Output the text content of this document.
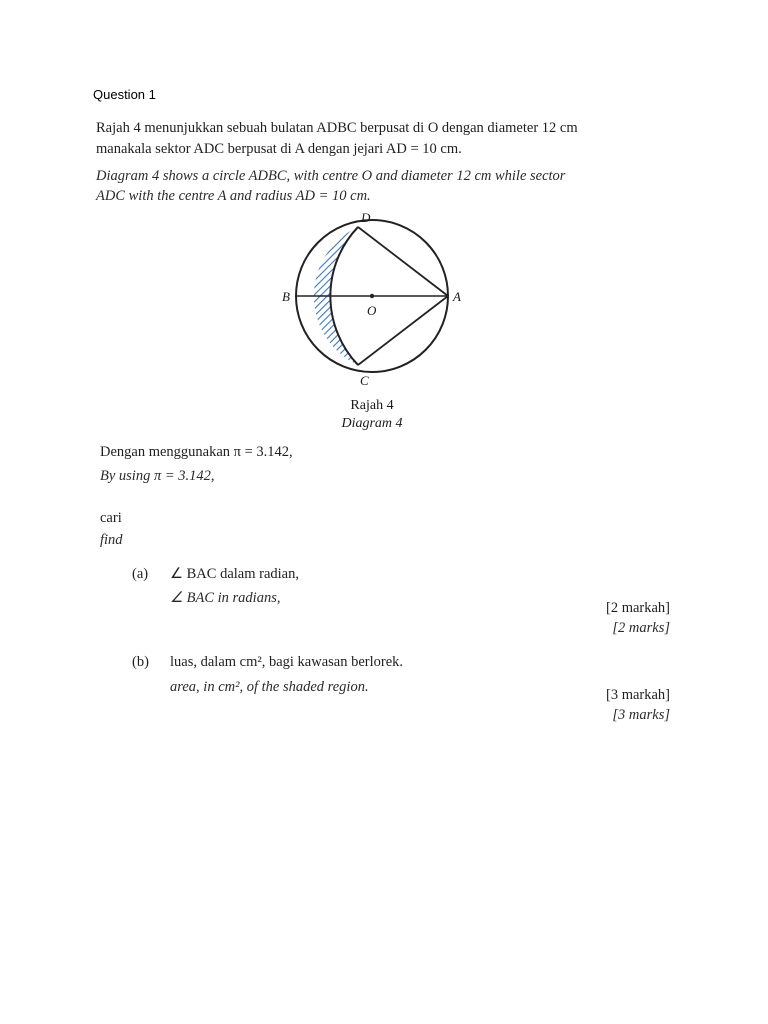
Question 1
Rajah 4 menunjukkan sebuah bulatan ADBC berpusat di O dengan diameter 12 cm
manakala sektor ADC berpusat di A dengan jejari AD = 10 cm.
Diagram 4 shows a circle ADBC, with centre O and diameter 12 cm while sector
ADC with the centre A and radius AD = 10 cm.
Dengan menggunakan π = 3.142,
By using π = 3.142,
cari
find
(a) ∠ BAC dalam radian,
∠ BAC in radians,
[2 markah]
[2 marks]
(b) luas, dalam cm², bagi kawasan berlorek.
area, in cm², of the shaded region.	[3 markah]
[3 marks]
D
B
O
A
C
Rajah 4
Diagram 4
